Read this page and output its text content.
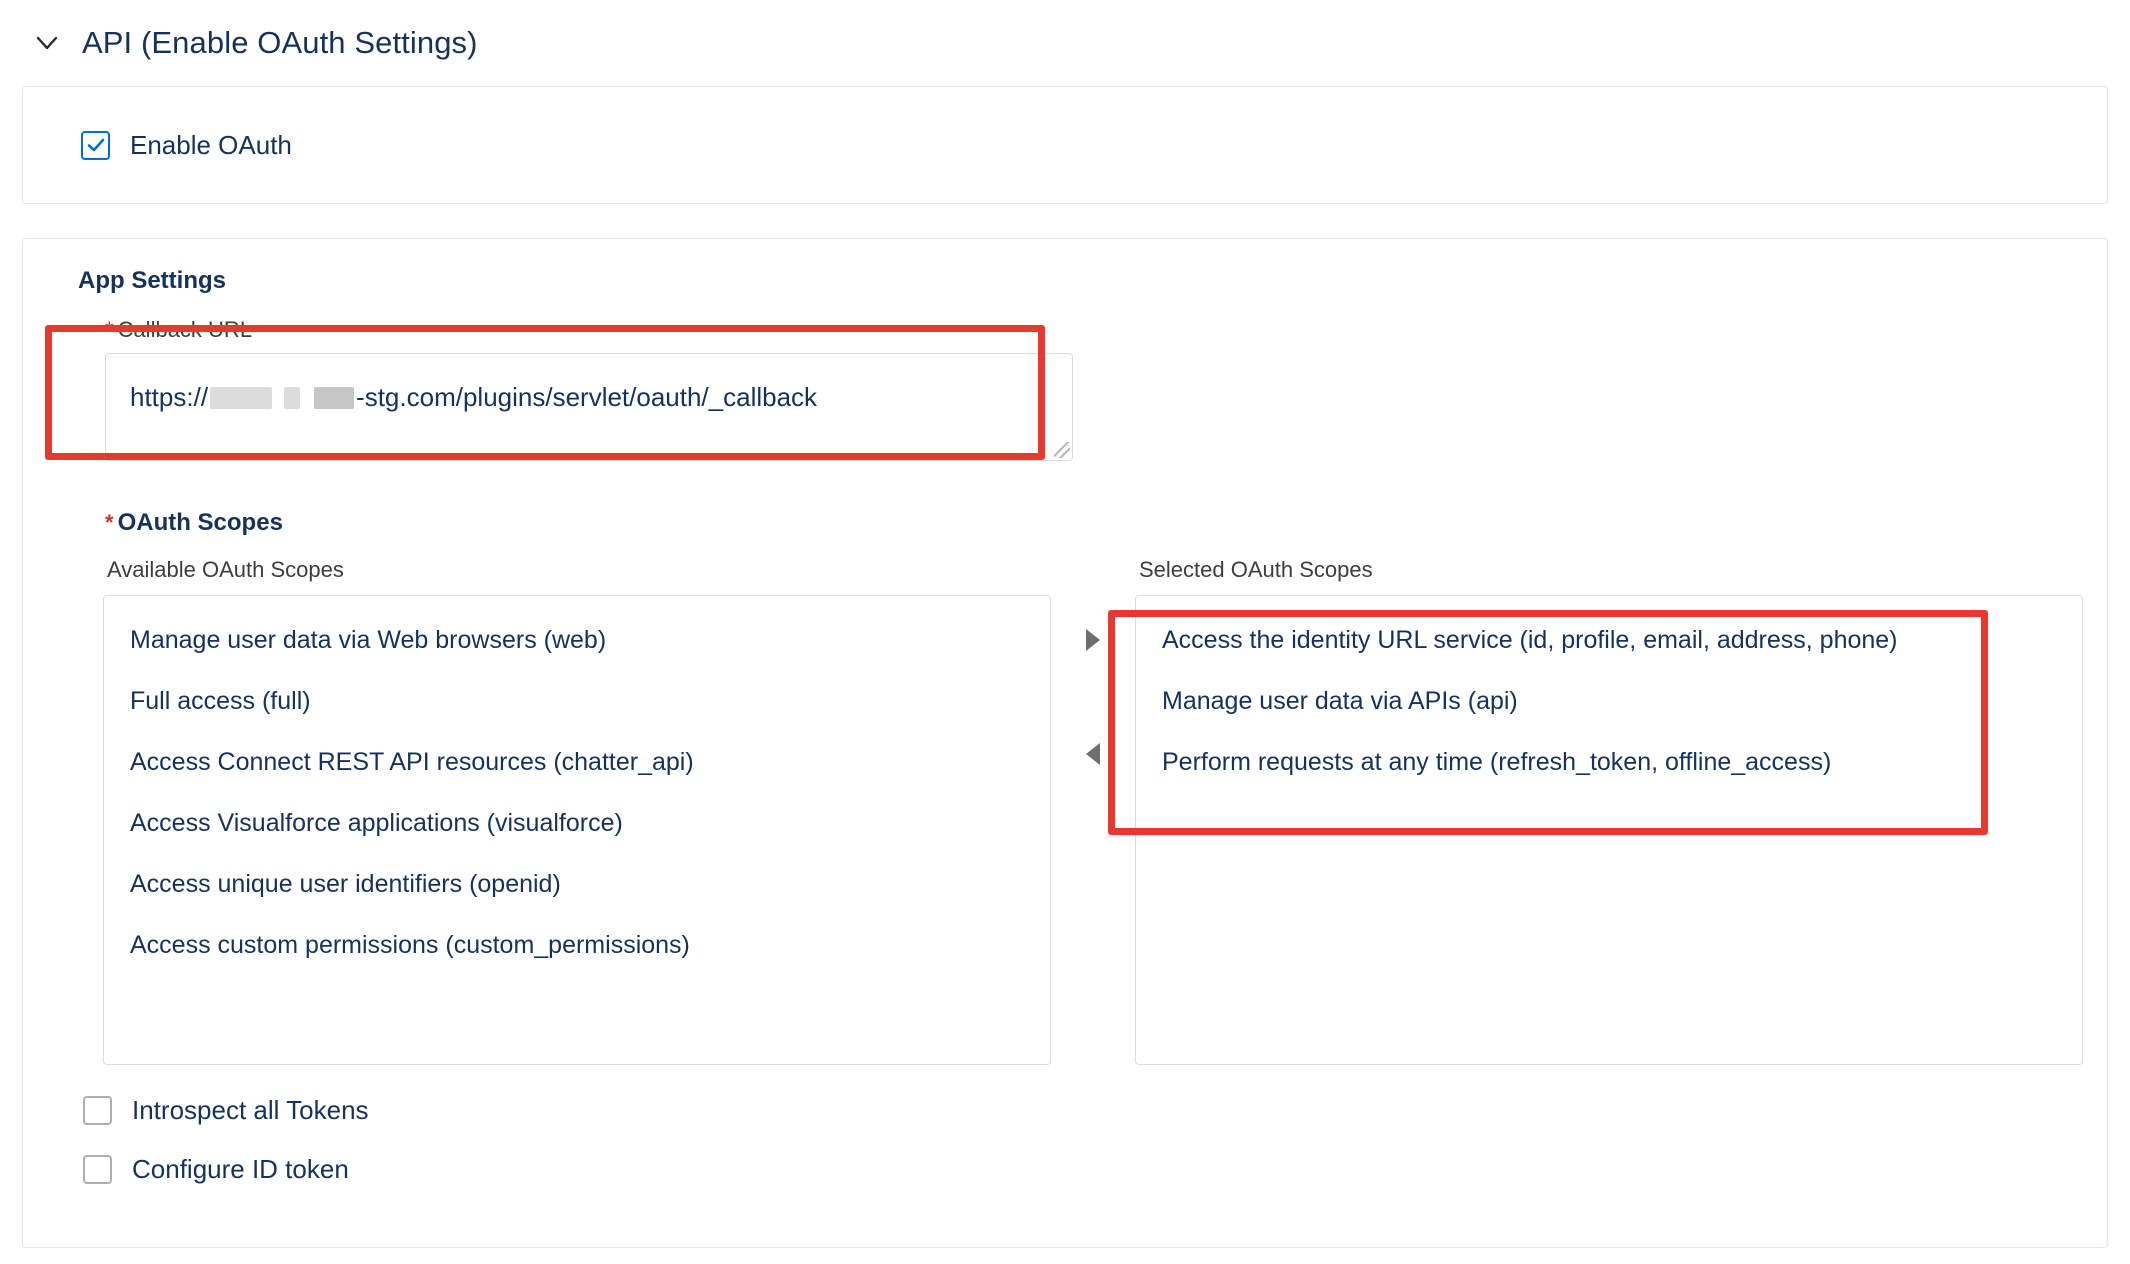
API (Enable OAuth Settings)
Enable OAuth
App Settings
* Callback URL
https://	-stg.com/plugins/servlet/oauth/_callback
* OAuth Scopes
Available OAuth Scopes
Manage user data via Web browsers (web)
Full access (full)
Access Connect REST API resources (chatter_api)
Access Visualforce applications (visualforce)
Access unique user identifiers (openid)
Access custom permissions (custom_permissions)
Selected OAuth Scopes
Access the identity URL service (id, profile, email, address, phone)
Manage user data via APIs (api)
Perform requests at any time (refresh_token, offline_access)
Introspect all Tokens
Configure ID token
